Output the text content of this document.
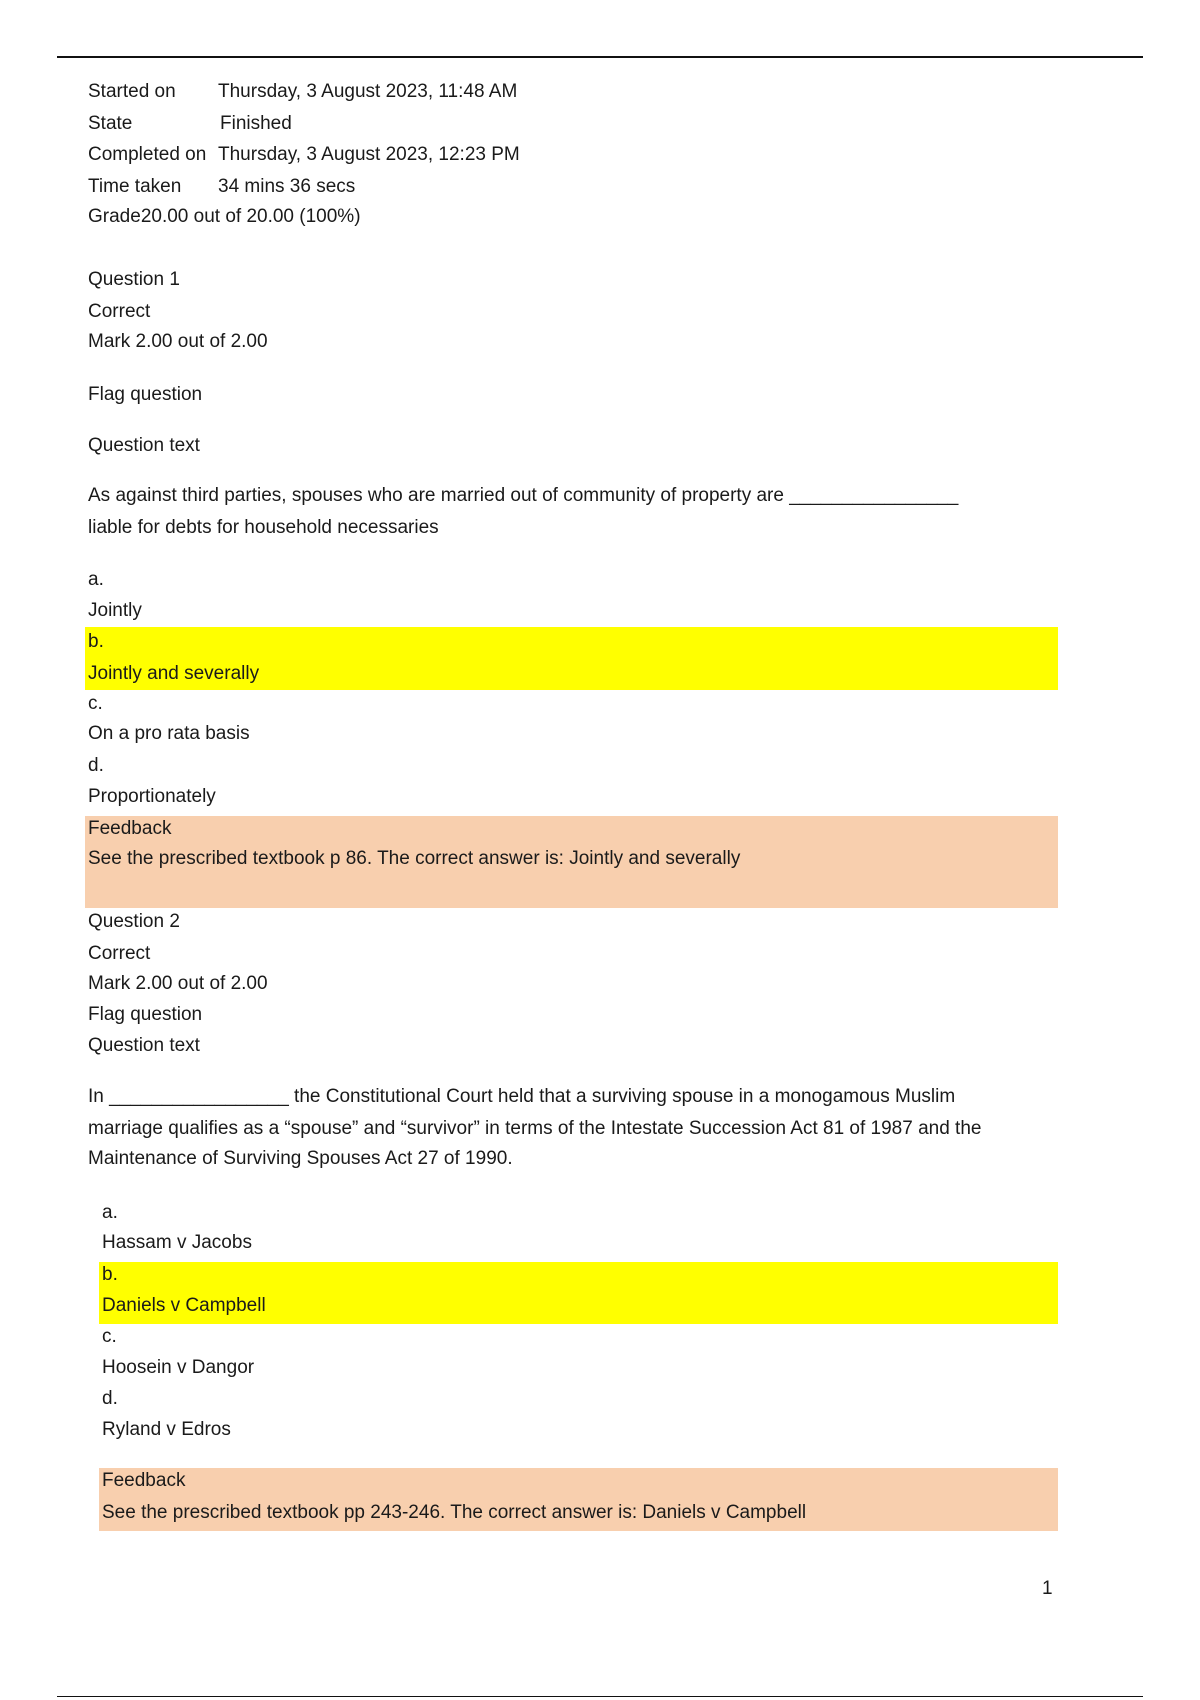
Started on Thursday, 3 August 2023, 11:48 AM
State	Finished
Completed on Thursday, 3 August 2023, 12:23 PM
Time taken 34 mins 36 secs
Grade20.00 out of 20.00 (100%)
Question 1
Correct
Mark 2.00 out of 2.00
Flag question
Question text
As against third parties, spouses who are married out of community of property are ________________
liable for debts for household necessaries
a.
Jointly
b.
Jointly and severally
c.
On a pro rata basis
d.
Proportionately
Feedback
See the prescribed textbook p 86. The correct answer is: Jointly and severally
Question 2
Correct
Mark 2.00 out of 2.00
Flag question
Question text
In _________________ the Constitutional Court held that a surviving spouse in a monogamous Muslim
marriage qualifies as a “spouse” and “survivor” in terms of the Intestate Succession Act 81 of 1987 and the
Maintenance of Surviving Spouses Act 27 of 1990.
a.
Hassam v Jacobs
b.
Daniels v Campbell
c.
Hoosein v Dangor
d.
Ryland v Edros
Feedback
See the prescribed textbook pp 243-246. The correct answer is: Daniels v Campbell
1
